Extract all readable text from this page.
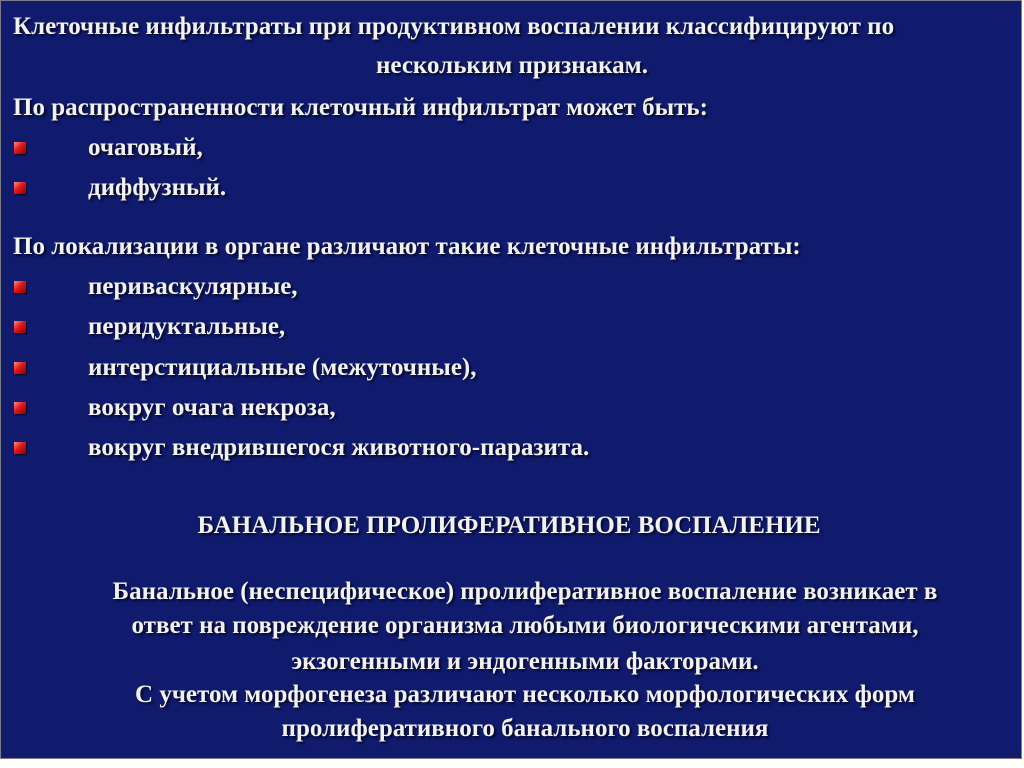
Клеточные инфильтраты при продуктивном воспалении классифицируют по
нескольким признакам.
По распространенности клеточный инфильтрат может быть:
очаговый,
диффузный.
По локализации в органе различают такие клеточные инфильтраты:
периваскулярные,
перидуктальные,
интерстициальные (межуточные),
вокруг очага некроза,
вокруг внедрившегося животного-паразита.
БАНАЛЬНОЕ ПРОЛИФЕРАТИВНОЕ ВОСПАЛЕНИЕ
Банальное (неспецифическое) пролиферативное воспаление возникает в
ответ на повреждение организма любыми биологическими агентами,
экзогенными и эндогенными факторами.
С учетом морфогенеза различают несколько морфологических форм
пролиферативного банального воспаления
